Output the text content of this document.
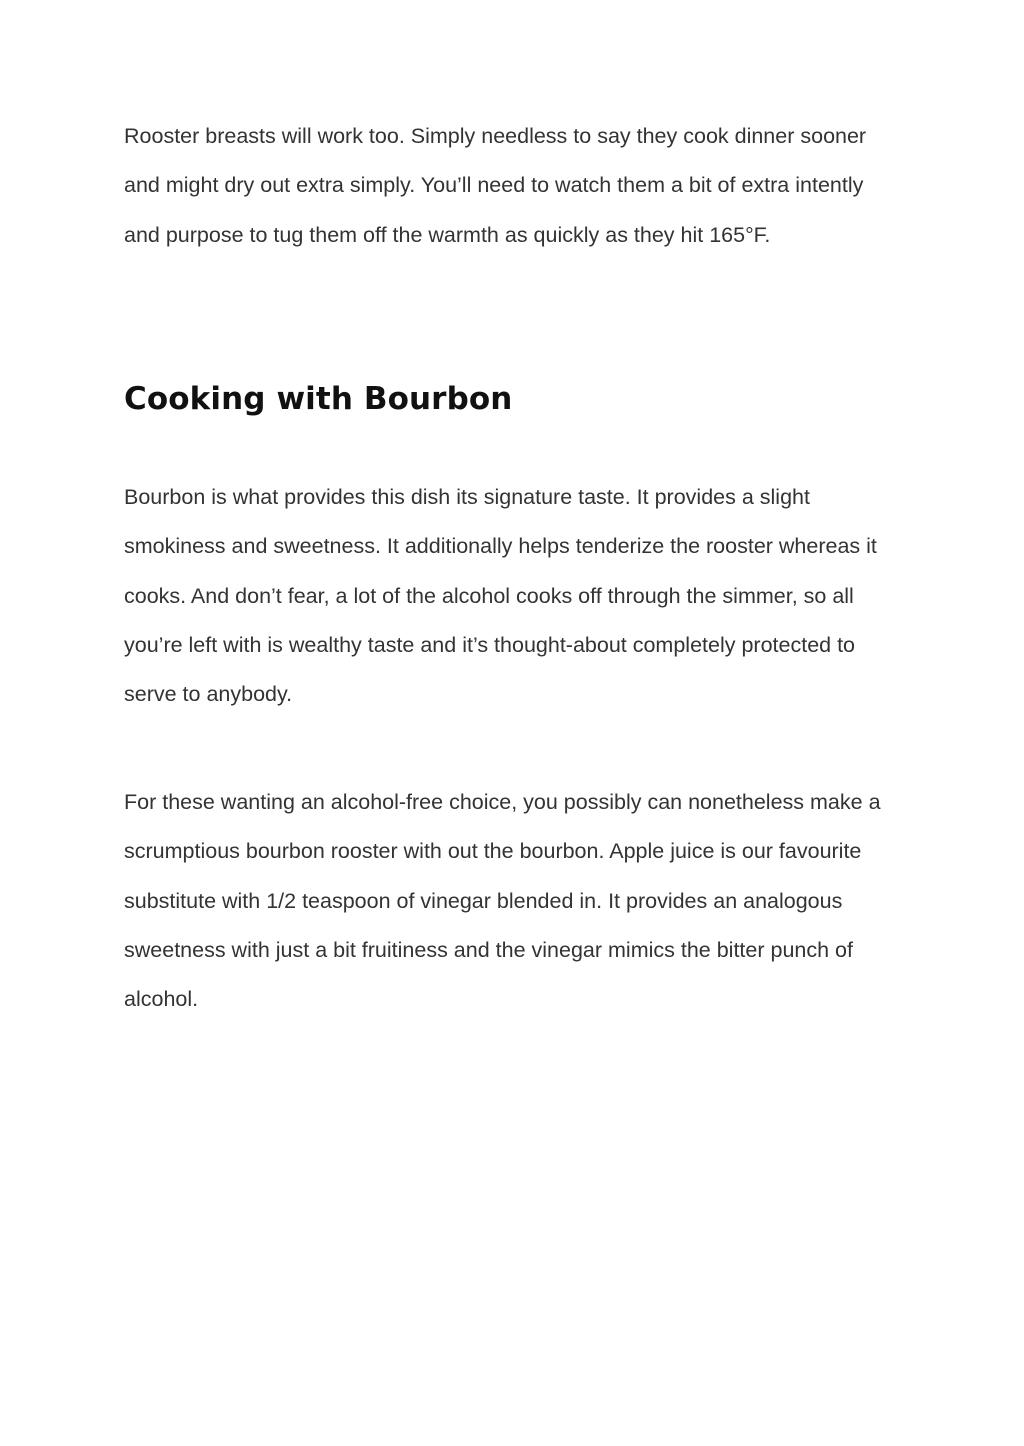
Rooster breasts will work too. Simply needless to say they cook dinner sooner and might dry out extra simply. You’ll need to watch them a bit of extra intently and purpose to tug them off the warmth as quickly as they hit 165°F.

Cooking with Bourbon

Bourbon is what provides this dish its signature taste. It provides a slight smokiness and sweetness. It additionally helps tenderize the rooster whereas it cooks. And don’t fear, a lot of the alcohol cooks off through the simmer, so all you’re left with is wealthy taste and it’s thought-about completely protected to serve to anybody.

For these wanting an alcohol-free choice, you possibly can nonetheless make a scrumptious bourbon rooster with out the bourbon. Apple juice is our favourite substitute with 1/2 teaspoon of vinegar blended in. It provides an analogous sweetness with just a bit fruitiness and the vinegar mimics the bitter punch of alcohol.
